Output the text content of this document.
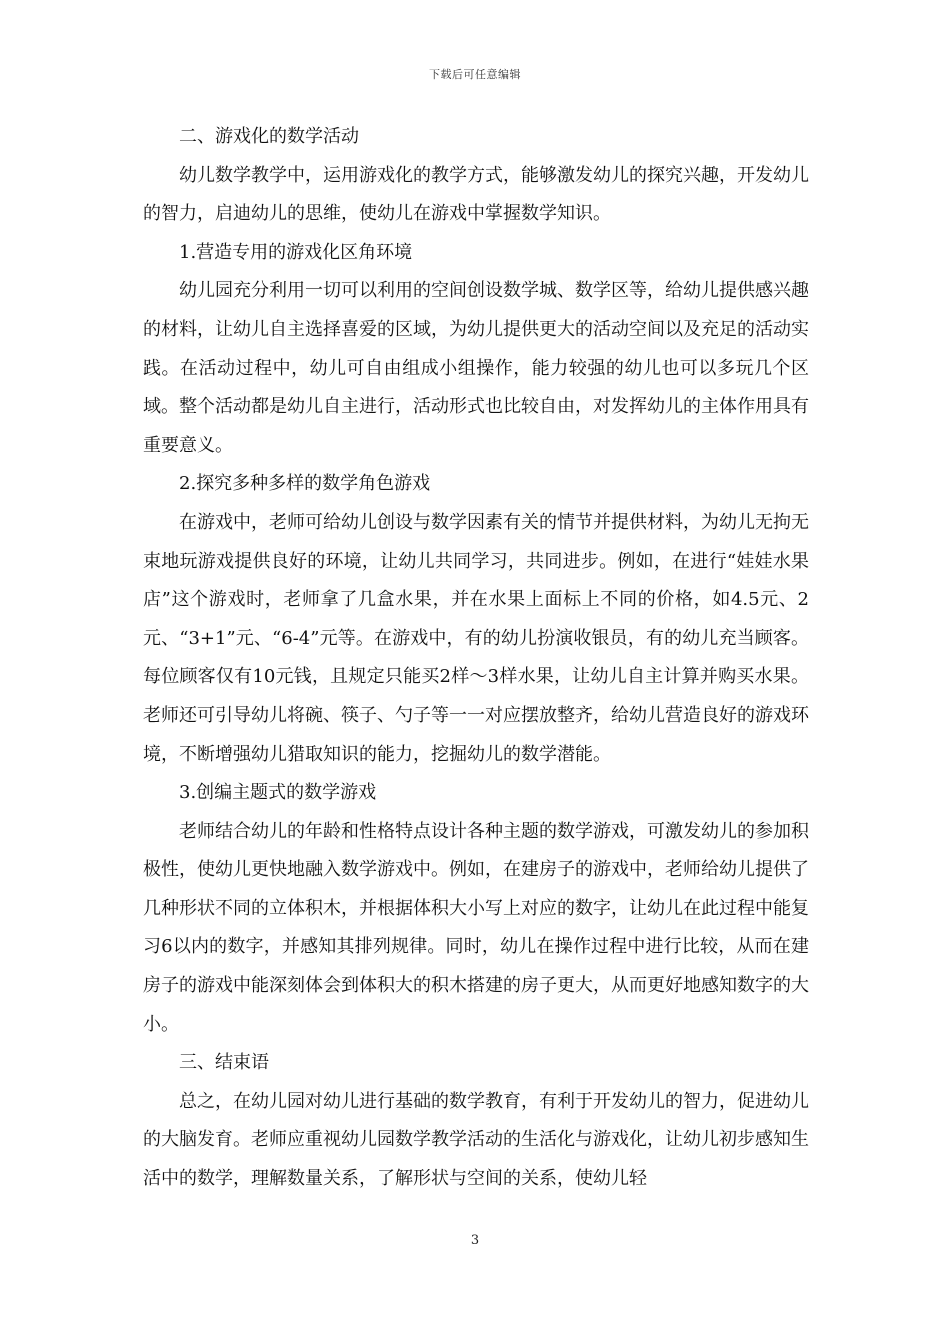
下载后可任意编辑

二、游戏化的数学活动

幼儿数学教学中，运用游戏化的教学方式，能够激发幼儿的探究兴趣，开发幼儿的智力，启迪幼儿的思维，使幼儿在游戏中掌握数学知识。

1.营造专用的游戏化区角环境

幼儿园充分利用一切可以利用的空间创设数学城、数学区等，给幼儿提供感兴趣的材料，让幼儿自主选择喜爱的区域，为幼儿提供更大的活动空间以及充足的活动实践。在活动过程中，幼儿可自由组成小组操作，能力较强的幼儿也可以多玩几个区域。整个活动都是幼儿自主进行，活动形式也比较自由，对发挥幼儿的主体作用具有重要意义。

2.探究多种多样的数学角色游戏

在游戏中，老师可给幼儿创设与数学因素有关的情节并提供材料，为幼儿无拘无束地玩游戏提供良好的环境，让幼儿共同学习，共同进步。例如，在进行“娃娃水果店”这个游戏时，老师拿了几盒水果，并在水果上面标上不同的价格，如4.5元、2元、“3+1”元、“6-4”元等。在游戏中，有的幼儿扮演收银员，有的幼儿充当顾客。每位顾客仅有10元钱，且规定只能买2样～3样水果，让幼儿自主计算并购买水果。老师还可引导幼儿将碗、筷子、勺子等一一对应摆放整齐，给幼儿营造良好的游戏环境，不断增强幼儿猎取知识的能力，挖掘幼儿的数学潜能。

3.创编主题式的数学游戏

老师结合幼儿的年龄和性格特点设计各种主题的数学游戏，可激发幼儿的参加积极性，使幼儿更快地融入数学游戏中。例如，在建房子的游戏中，老师给幼儿提供了几种形状不同的立体积木，并根据体积大小写上对应的数字，让幼儿在此过程中能复习6以内的数字，并感知其排列规律。同时，幼儿在操作过程中进行比较，从而在建房子的游戏中能深刻体会到体积大的积木搭建的房子更大，从而更好地感知数字的大小。

三、结束语

总之，在幼儿园对幼儿进行基础的数学教育，有利于开发幼儿的智力，促进幼儿的大脑发育。老师应重视幼儿园数学教学活动的生活化与游戏化，让幼儿初步感知生活中的数学，理解数量关系，了解形状与空间的关系，使幼儿轻

3
